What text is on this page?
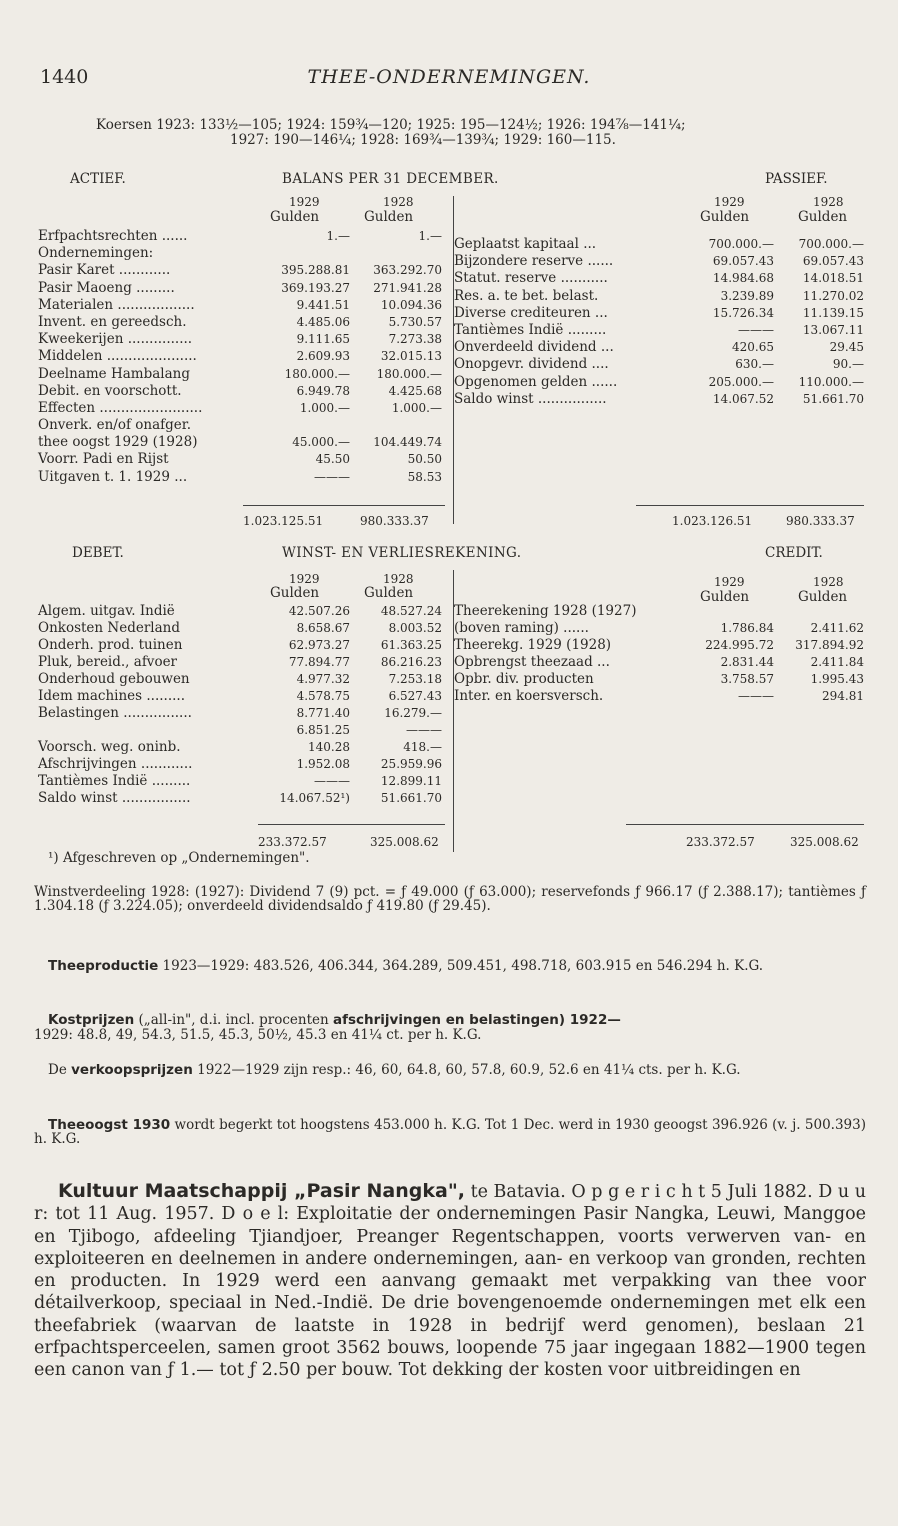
1440	THEE-ONDERNEMINGEN.
Koersen 1923: 133½—105; 1924: 159¾—120; 1925: 195—124½; 1926: 194⅞—141¼;
1927: 190—146¼; 1928: 169¾—139¾; 1929: 160—115.
ACTIEF.	BALANS PER 31 DECEMBER.	PASSIEF.
1929	1928
Gulden	Gulden
1929	1928
Gulden	Gulden
Erfpachtsrechten ......	1.—	1.—
Ondernemingen:		
Pasir Karet ............	395.288.81	363.292.70
Pasir Maoeng .........	369.193.27	271.941.28
Materialen ..................	9.441.51	10.094.36
Invent. en gereedsch.	4.485.06	5.730.57
Kweekerijen ...............	9.111.65	7.273.38
Middelen .....................	2.609.93	32.015.13
Deelname Hambalang	180.000.—	180.000.—
Debit. en voorschott.	6.949.78	4.425.68
Effecten ........................	1.000.—	1.000.—
Onverk. en/of onafger.		
thee oogst 1929 (1928)	45.000.—	104.449.74
Voorr. Padi en Rijst	45.50	50.50
Uitgaven t. 1. 1929 ...	———	58.53
Geplaatst kapitaal ...	700.000.—	700.000.—
Bijzondere reserve ......	69.057.43	69.057.43
Statut. reserve ...........	14.984.68	14.018.51
Res. a. te bet. belast.	3.239.89	11.270.02
Diverse crediteuren ...	15.726.34	11.139.15
Tantièmes Indië .........	———	13.067.11
Onverdeeld dividend ...	420.65	29.45
Onopgevr. dividend ....	630.—	90.—
Opgenomen gelden ......	205.000.—	110.000.—
Saldo winst ................	14.067.52	51.661.70
1.023.125.51	980.333.37	1.023.126.51	980.333.37
DEBET.	WINST- EN VERLIESREKENING.	CREDIT.
1929	1928
Gulden	Gulden
1929	1928
Gulden	Gulden
Algem. uitgav. Indië	42.507.26	48.527.24
Onkosten Nederland	8.658.67	8.003.52
Onderh. prod. tuinen	62.973.27	61.363.25
Pluk, bereid., afvoer	77.894.77	86.216.23
Onderhoud gebouwen	4.977.32	7.253.18
Idem machines .........	4.578.75	6.527.43
Belastingen ................	8.771.40	16.279.—
	6.851.25	———
Voorsch. weg. oninb.	140.28	418.—
Afschrijvingen ............	1.952.08	25.959.96
Tantièmes Indië .........	———	12.899.11
Saldo winst ................	14.067.52¹)	51.661.70
Theerekening 1928 (1927)		
(boven raming) ......	1.786.84	2.411.62
Theerekg. 1929 (1928)	224.995.72	317.894.92
Opbrengst theezaad ...	2.831.44	2.411.84
Opbr. div. producten	3.758.57	1.995.43
Inter. en koersversch.	———	294.81
233.372.57	325.008.62	233.372.57	325.008.62
¹) Afgeschreven op „Ondernemingen".
Winstverdeeling 1928: (1927): Dividend 7 (9) pct. = ƒ 49.000 (ƒ 63.000); reservefonds ƒ 966.17 (ƒ 2.388.17); tantièmes ƒ 1.304.18 (ƒ 3.224.05); onverdeeld dividendsaldo ƒ 419.80 (ƒ 29.45).
Theeproductie 1923—1929: 483.526, 406.344, 364.289, 509.451, 498.718, 603.915 en 546.294 h. K.G.
Kostprijzen („all-in", d.i. incl. procenten afschrijvingen en belastingen) 1922—
1929: 48.8, 49, 54.3, 51.5, 45.3, 50½, 45.3 en 41¼ ct. per h. K.G.
De verkoopsprijzen 1922—1929 zijn resp.: 46, 60, 64.8, 60, 57.8, 60.9, 52.6 en 41¼ cts. per h. K.G.
Theeoogst 1930 wordt begerkt tot hoogstens 453.000 h. K.G. Tot 1 Dec. werd in 1930 geoogst 396.926 (v. j. 500.393) h. K.G.
Kultuur Maatschappij „Pasir Nangka", te Batavia. O p g e r i c h t 5 Juli 1882. D u u r: tot 11 Aug. 1957. D o e l: Exploitatie der ondernemingen Pasir Nangka, Leuwi, Manggoe en Tjibogo, afdeeling Tjiandjoer, Preanger Regentschappen, voorts verwerven van- en exploiteeren en deelnemen in andere ondernemingen, aan- en verkoop van gronden, rechten en producten. In 1929 werd een aanvang gemaakt met verpakking van thee voor détailverkoop, speciaal in Ned.-Indië. De drie bovengenoemde ondernemingen met elk een theefabriek (waarvan de laatste in 1928 in bedrijf werd genomen), beslaan 21 erfpachtsperceelen, samen groot 3562 bouws, loopende 75 jaar ingegaan 1882—1900 tegen een canon van ƒ 1.— tot ƒ 2.50 per bouw. Tot dekking der kosten voor uitbreidingen en
